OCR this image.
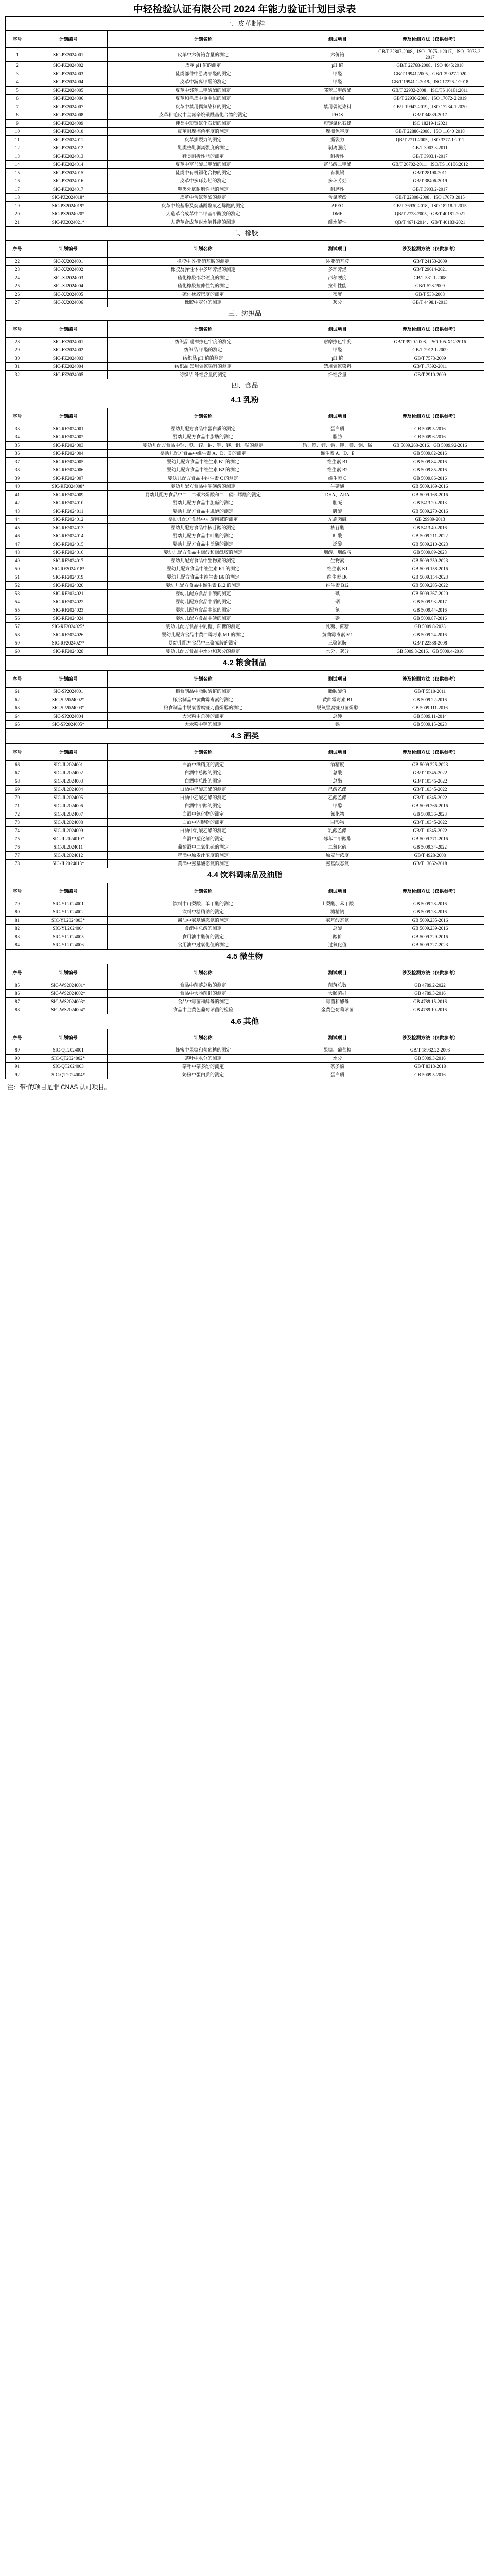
中轻检验认证有限公司 2024 年能力验证计划目录表
一、皮革制鞋				
序号	计划编号	计划名称	测试项目	涉及检测方法（仅供参考）
1	SIC-PZ2024001	皮革中六价铬含量的测定	六价铬	GB/T 22807-2008、ISO 17075-1:2017、ISO 17075-2:2017
2	SIC-PZ2024002	皮革 pH 值的测定	pH 值	GB/T 22768-2008、ISO 4045:2018
3	SIC-PZ2024003	鞋类部件中游离甲醛的测定	甲醛	GB/T 19941-2005、GB/T 39027-2020
4	SIC-PZ2024004	皮革中游离甲醛的测定	甲醛	GB/T 19941.1-2019、ISO 17226-1:2018
5	SIC-PZ2024005	皮革中邻苯二甲酸酯的测定	邻苯二甲酸酯	GB/T 22932-2008、ISO/TS 16181:2011
6	SIC-PZ2024006	皮革和毛皮中重金属的测定	重金属	GB/T 22930-2008、ISO 17072-2:2019
7	SIC-PZ2024007	皮革中禁用偶氮染料的测定	禁用偶氮染料	GB/T 19942-2019、ISO 17234-1:2020
8	SIC-PZ2024008	皮革和毛皮中全氟辛烷磺酰基化合物的测定	PFOS	GB/T 34839-2017
9	SIC-PZ2024009	鞋类中短链氯化石蜡的测定	短链氯化石蜡	ISO 18219-1:2021
10	SIC-PZ2024010	皮革耐摩擦色牢度的测定	摩擦色牢度	GB/T 22886-2008、ISO 11640:2018
11	SIC-PZ2024011	皮革撕裂力的测定	撕裂力	QB/T 2711-2005、ISO 3377-1:2011
12	SIC-PZ2024012	鞋类整鞋剥离强度的测定	剥离强度	GB/T 3903.3-2011
13	SIC-PZ2024013	鞋类耐折性能的测定	耐折性	GB/T 3903.1-2017
14	SIC-PZ2024014	皮革中富马酸二甲酯的测定	富马酸二甲酯	GB/T 26702-2011、ISO/TS 16186:2012
15	SIC-PZ2024015	鞋类中有机锡化合物的测定	有机锡	GB/T 28190-2011
16	SIC-PZ2024016	皮革中多环芳烃的测定	多环芳烃	GB/T 38406-2019
17	SIC-PZ2024017	鞋类外底耐磨性能的测定	耐磨性	GB/T 3903.2-2017
18	SIC-PZ2024018*	皮革中含氯苯酚的测定	含氯苯酚	GB/T 22808-2008、ISO 17070:2015
19	SIC-PZ2024019*	皮革中烷基酚及烷基酚聚氧乙烯醚的测定	APEO	GB/T 36930-2018、ISO 18218-1:2015
20	SIC-PZ2024020*	人造革合成革中二甲基甲酰胺的测定	DMF	QB/T 2728-2005、GB/T 40181-2021
21	SIC-PZ2024021*	人造革合成革耐水解性能的测定	耐水解性	QB/T 4671-2014、GB/T 40183-2021
二、橡胶				
序号	计划编号	计划名称	测试项目	涉及检测方法（仅供参考）
22	SIC-XJ2024001	橡胶中 N-亚硝基胺的测定	N-亚硝基胺	GB/T 24153-2009
23	SIC-XJ2024002	橡胶及弹性体中多环芳烃的测定	多环芳烃	GB/T 29614-2021
24	SIC-XJ2024003	硫化橡胶邵尔硬度的测定	邵尔硬度	GB/T 531.1-2008
25	SIC-XJ2024004	硫化橡胶拉伸性能的测定	拉伸性能	GB/T 528-2009
26	SIC-XJ2024005	硫化橡胶密度的测定	密度	GB/T 533-2008
27	SIC-XJ2024006	橡胶中灰分的测定	灰分	GB/T 4498.1-2013
三、纺织品				
序号	计划编号	计划名称	测试项目	涉及检测方法（仅供参考）
28	SIC-FZ2024001	纺织品 耐摩擦色牢度的测定	耐摩擦色牢度	GB/T 3920-2008、ISO 105-X12:2016
29	SIC-FZ2024002	纺织品 甲醛的测定	甲醛	GB/T 2912.1-2009
30	SIC-FZ2024003	纺织品 pH 值的测定	pH 值	GB/T 7573-2009
31	SIC-FZ2024004	纺织品 禁用偶氮染料的测定	禁用偶氮染料	GB/T 17592-2011
32	SIC-FZ2024005	纺织品 纤维含量的测定	纤维含量	GB/T 2910-2009
四、食品				
4.1 乳粉				
序号	计划编号	计划名称	测试项目	涉及检测方法（仅供参考）
33	SIC-RF2024001	婴幼儿配方食品中蛋白质的测定	蛋白质	GB 5009.5-2016
34	SIC-RF2024002	婴幼儿配方食品中脂肪的测定	脂肪	GB 5009.6-2016
35	SIC-RF2024003	婴幼儿配方食品中钙、铁、锌、钠、钾、镁、铜、锰的测定	钙、铁、锌、钠、钾、镁、铜、锰	GB 5009.268-2016、GB 5009.92-2016
36	SIC-RF2024004	婴幼儿配方食品中维生素 A、D、E 的测定	维生素 A、D、E	GB 5009.82-2016
37	SIC-RF2024005	婴幼儿配方食品中维生素 B1 的测定	维生素 B1	GB 5009.84-2016
38	SIC-RF2024006	婴幼儿配方食品中维生素 B2 的测定	维生素 B2	GB 5009.85-2016
39	SIC-RF2024007	婴幼儿配方食品中维生素 C 的测定	维生素 C	GB 5009.86-2016
40	SIC-RF2024008*	婴幼儿配方食品中牛磺酸的测定	牛磺酸	GB 5009.169-2016
41	SIC-RF2024009	婴幼儿配方食品中二十二碳六烯酸和二十碳四烯酸的测定	DHA、ARA	GB 5009.168-2016
42	SIC-RF2024010	婴幼儿配方食品中胆碱的测定	胆碱	GB 5413.20-2013
43	SIC-RF2024011	婴幼儿配方食品中肌醇的测定	肌醇	GB 5009.270-2016
44	SIC-RF2024012	婴幼儿配方食品中左旋肉碱的测定	左旋肉碱	GB 29989-2013
45	SIC-RF2024013	婴幼儿配方食品中核苷酸的测定	核苷酸	GB 5413.40-2016
46	SIC-RF2024014	婴幼儿配方食品中叶酸的测定	叶酸	GB 5009.211-2022
47	SIC-RF2024015	婴幼儿配方食品中泛酸的测定	泛酸	GB 5009.210-2023
48	SIC-RF2024016	婴幼儿配方食品中烟酸和烟酰胺的测定	烟酸、烟酰胺	GB 5009.89-2023
49	SIC-RF2024017	婴幼儿配方食品中生物素的测定	生物素	GB 5009.259-2023
50	SIC-RF2024018*	婴幼儿配方食品中维生素 K1 的测定	维生素 K1	GB 5009.158-2016
51	SIC-RF2024019	婴幼儿配方食品中维生素 B6 的测定	维生素 B6	GB 5009.154-2023
52	SIC-RF2024020	婴幼儿配方食品中维生素 B12 的测定	维生素 B12	GB 5009.285-2022
53	SIC-RF2024021	婴幼儿配方食品中碘的测定	碘	GB 5009.267-2020
54	SIC-RF2024022	婴幼儿配方食品中硒的测定	硒	GB 5009.93-2017
55	SIC-RF2024023	婴幼儿配方食品中氯的测定	氯	GB 5009.44-2016
56	SIC-RF2024024	婴幼儿配方食品中磷的测定	磷	GB 5009.87-2016
57	SIC-RF2024025*	婴幼儿配方食品中乳糖、蔗糖的测定	乳糖、蔗糖	GB 5009.8-2023
58	SIC-RF2024026	婴幼儿配方食品中黄曲霉毒素 M1 的测定	黄曲霉毒素 M1	GB 5009.24-2016
59	SIC-RF2024027*	婴幼儿配方食品中三聚氰胺的测定	三聚氰胺	GB/T 22388-2008
60	SIC-RF2024028	婴幼儿配方食品中水分和灰分的测定	水分、灰分	GB 5009.3-2016、GB 5009.4-2016
4.2 粮食制品				
序号	计划编号	计划名称	测试项目	涉及检测方法（仅供参考）
61	SIC-SP2024001	粮食制品中脂肪酸值的测定	脂肪酸值	GB/T 5510-2011
62	SIC-SP2024002*	粮食制品中黄曲霉毒素的测定	黄曲霉毒素 B1	GB 5009.22-2016
63	SIC-SP2024003*	粮食制品中脱氧雪腐镰刀菌烯醇的测定	脱氧雪腐镰刀菌烯醇	GB 5009.111-2016
64	SIC-SP2024004	大米粉中总砷的测定	总砷	GB 5009.11-2014
65	SIC-SP2024005*	大米粉中镉的测定	镉	GB 5009.15-2023
4.3 酒类				
序号	计划编号	计划名称	测试项目	涉及检测方法（仅供参考）
66	SIC-JL2024001	白酒中酒精度的测定	酒精度	GB 5009.225-2023
67	SIC-JL2024002	白酒中总酸的测定	总酸	GB/T 10345-2022
68	SIC-JL2024003	白酒中总酯的测定	总酯	GB/T 10345-2022
69	SIC-JL2024004	白酒中己酸乙酯的测定	己酸乙酯	GB/T 10345-2022
70	SIC-JL2024005	白酒中乙酸乙酯的测定	乙酸乙酯	GB/T 10345-2022
71	SIC-JL2024006	白酒中甲醇的测定	甲醇	GB 5009.266-2016
72	SIC-JL2024007	白酒中氰化物的测定	氰化物	GB 5009.36-2023
73	SIC-JL2024008	白酒中固形物的测定	固形物	GB/T 10345-2022
74	SIC-JL2024009	白酒中乳酸乙酯的测定	乳酸乙酯	GB/T 10345-2022
75	SIC-JL2024010*	白酒中塑化剂的测定	邻苯二甲酸酯	GB 5009.271-2016
76	SIC-JL2024011	葡萄酒中二氧化硫的测定	二氧化硫	GB 5009.34-2022
77	SIC-JL2024012	啤酒中原麦汁浓度的测定	原麦汁浓度	GB/T 4928-2008
78	SIC-JL2024013*	黄酒中氨基酸态氮的测定	氨基酸态氮	GB/T 13662-2018
4.4 饮料调味品及油脂				
序号	计划编号	计划名称	测试项目	涉及检测方法（仅供参考）
79	SIC-YL2024001	饮料中山梨酸、苯甲酸的测定	山梨酸、苯甲酸	GB 5009.28-2016
80	SIC-YL2024002	饮料中糖精钠的测定	糖精钠	GB 5009.28-2016
81	SIC-YL2024003*	酱油中氨基酸态氮的测定	氨基酸态氮	GB 5009.235-2016
82	SIC-YL2024004	食醋中总酸的测定	总酸	GB 5009.239-2016
83	SIC-YL2024005	食用油中酸价的测定	酸价	GB 5009.229-2016
84	SIC-YL2024006	食用油中过氧化值的测定	过氧化值	GB 5009.227-2023
4.5 微生物				
序号	计划编号	计划名称	测试项目	涉及检测方法（仅供参考）
85	SIC-WS2024001*	食品中菌落总数的测定	菌落总数	GB 4789.2-2022
86	SIC-WS2024002*	食品中大肠菌群的测定	大肠菌群	GB 4789.3-2016
87	SIC-WS2024003*	食品中霉菌和酵母的测定	霉菌和酵母	GB 4789.15-2016
88	SIC-WS2024004*	食品中金黄色葡萄球菌的检验	金黄色葡萄球菌	GB 4789.10-2016
4.6 其他				
序号	计划编号	计划名称	测试项目	涉及检测方法（仅供参考）
89	SIC-QT2024001	蜂蜜中果糖和葡萄糖的测定	果糖、葡萄糖	GB/T 18932.22-2003
90	SIC-QT2024002*	茶叶中水分的测定	水分	GB 5009.3-2016
91	SIC-QT2024003	茶叶中茶多酚的测定	茶多酚	GB/T 8313-2018
92	SIC-QT2024004*	奶粉中蛋白质的测定	蛋白质	GB 5009.5-2016
注：带*的项目是非 CNAS 认可项目。
